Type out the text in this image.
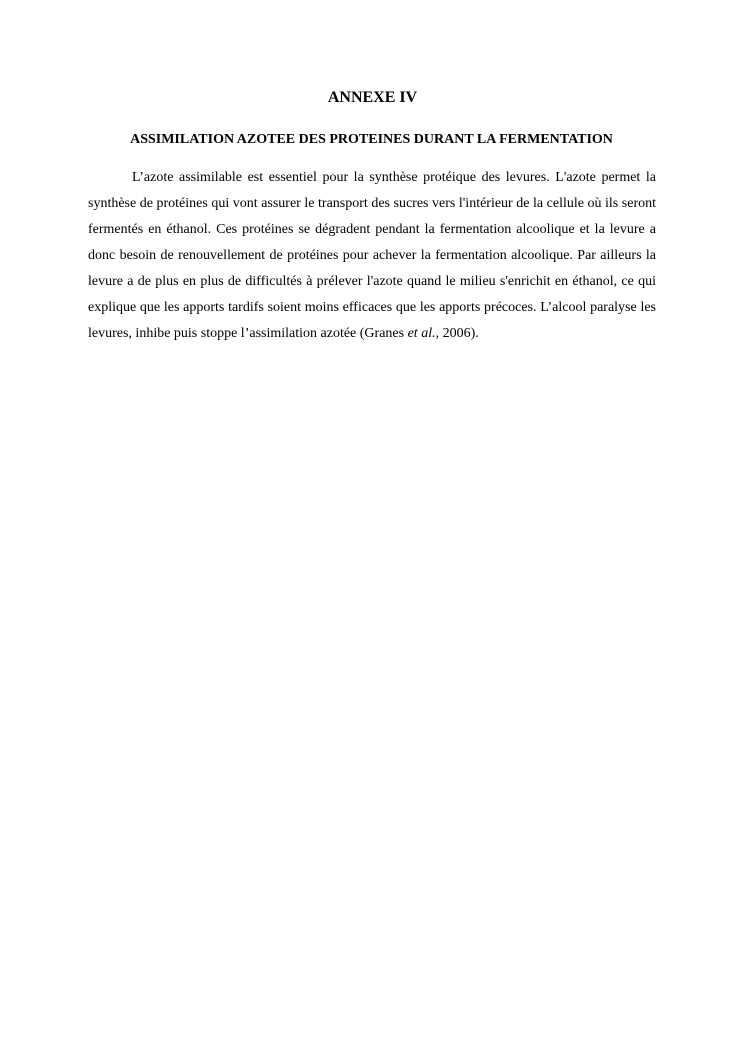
ANNEXE IV
ASSIMILATION AZOTEE DES PROTEINES DURANT LA FERMENTATION

L’azote assimilable est essentiel pour la synthèse protéique des levures. L'azote permet la synthèse de protéines qui vont assurer le transport des sucres vers l'intérieur de la cellule où ils seront fermentés en éthanol. Ces protéines se dégradent pendant la fermentation alcoolique et la levure a donc besoin de renouvellement de protéines pour achever la fermentation alcoolique. Par ailleurs la levure a de plus en plus de difficultés à prélever l'azote quand le milieu s'enrichit en éthanol, ce qui explique que les apports tardifs soient moins efficaces que les apports précoces. L’alcool paralyse les levures, inhibe puis stoppe l’assimilation azotée (Granes et al., 2006).
